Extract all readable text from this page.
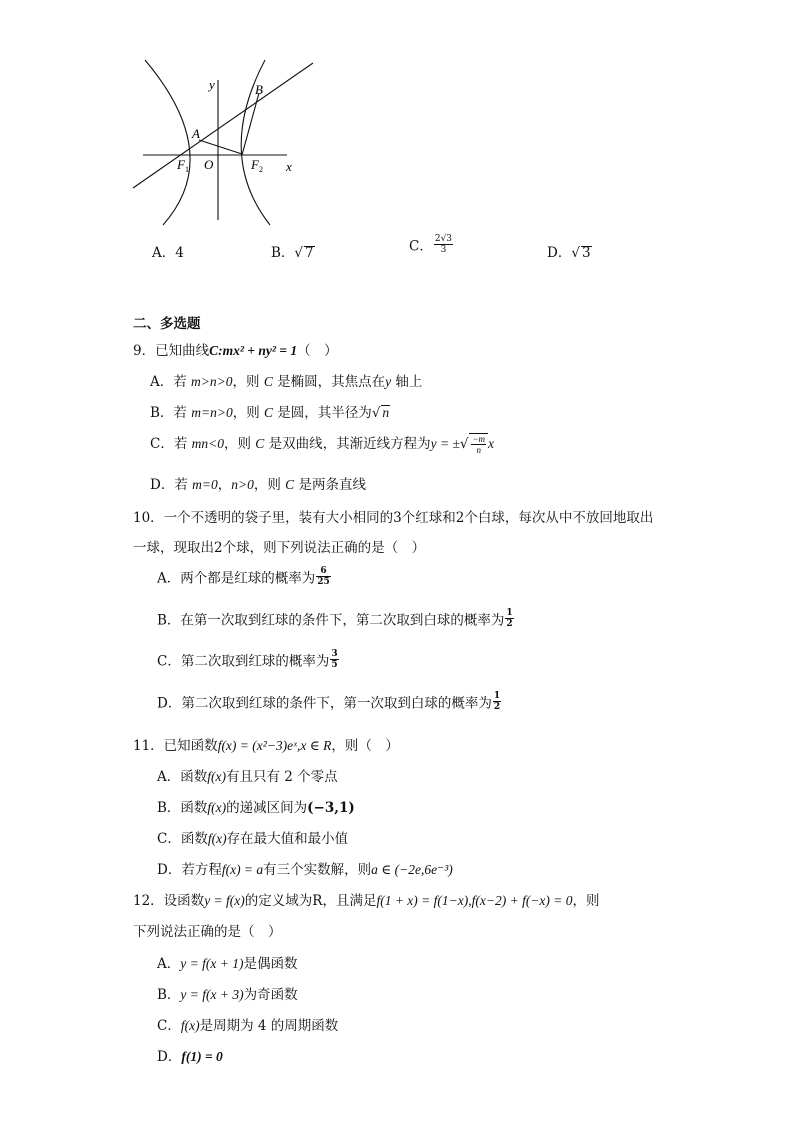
y
x
O
A
B
$F_1$	$F_2$
A．4	B．√ 7	C． $\frac{2√3}{3}$	D．√ 3
二、多选题
9．已知曲线C:mx² + ny² = 1（　）
A．若 m>n>0，则 C 是椭圆，其焦点在y 轴上
B．若 m=n>0，则 C 是圆，其半径为√ n
C．若 mn<0，则 C 是双曲线，其渐近线方程为y = ±√ $\frac{-m}{n}$ x
D．若 m=0，n>0，则 C 是两条直线
10．一个不透明的袋子里，装有大小相同的3个红球和2个白球，每次从中不放回地取出
一球，现取出2个球，则下列说法正确的是（　）
A．两个都是红球的概率为 $\frac{6}{25}$
B．在第一次取到红球的条件下，第二次取到白球的概率为 $\frac{1}{2}$
C．第二次取到红球的概率为 $\frac{3}{5}$
D．第二次取到红球的条件下，第一次取到白球的概率为 $\frac{1}{2}$
11．已知函数f(x) = (x²−3)eˣ,x ∈ R，则（　）
A．函数f(x)有且只有 2 个零点
B．函数f(x)的递减区间为(−3,1)
C．函数f(x)存在最大值和最小值
D．若方程f(x) = a有三个实数解，则a ∈ (−2e,6e⁻³)
12．设函数y = f(x)的定义域为R，且满足f(1 + x) = f(1−x),f(x−2) + f(−x) = 0，则
下列说法正确的是（　）
A．y = f(x + 1)是偶函数
B．y = f(x + 3)为奇函数
C．f(x)是周期为 4 的周期函数
D．f(1) = 0
